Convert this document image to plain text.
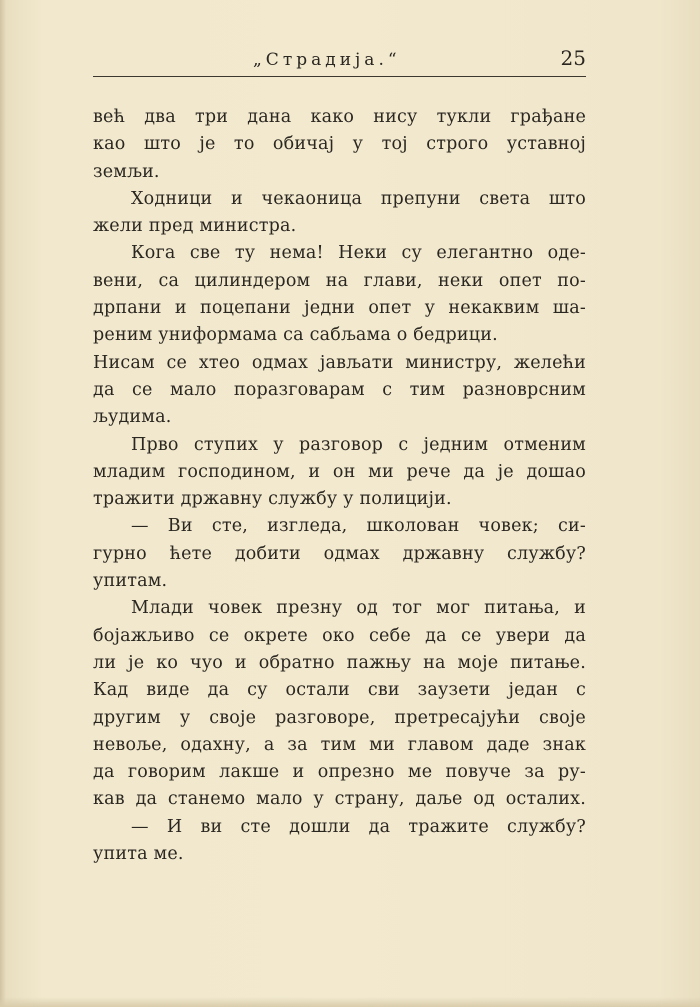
„Страдија.“	25
већ два три дана како нису тукли грађане
као што је то обичај у тој строго уставној
земљи.
Ходници и чекаоница препуни света што
жели пред министра.
Кога све ту нема! Неки су елегантно оде-
вени, са цилиндером на глави, неки опет по-
дрпани и поцепани једни опет у некаквим ша-
реним униформама са сабљама о бедрици.
Нисам се хтео одмах јављати министру, желећи
да се мало поразговарам с тим разноврсним
људима.
Прво ступих у разговор с једним отменим
младим господином, и он ми рече да је дошао
тражити државну службу у полицији.
— Ви сте, изгледа, школован човек; си-
гурно ћете добити одмах државну службу?
упитам.
Млади човек презну од тог мог питања, и
бојажљиво се окрете око себе да се увери да
ли је ко чуо и обратно пажњу на моје питање.
Кад виде да су остали сви заузети један с
другим у своје разговоре, претресајући своје
невоље, одахну, а за тим ми главом даде знак
да говорим лакше и опрезно ме повуче за ру-
кав да станемо мало у страну, даље од осталих.
— И ви сте дошли да тражите службу?
упита ме.
